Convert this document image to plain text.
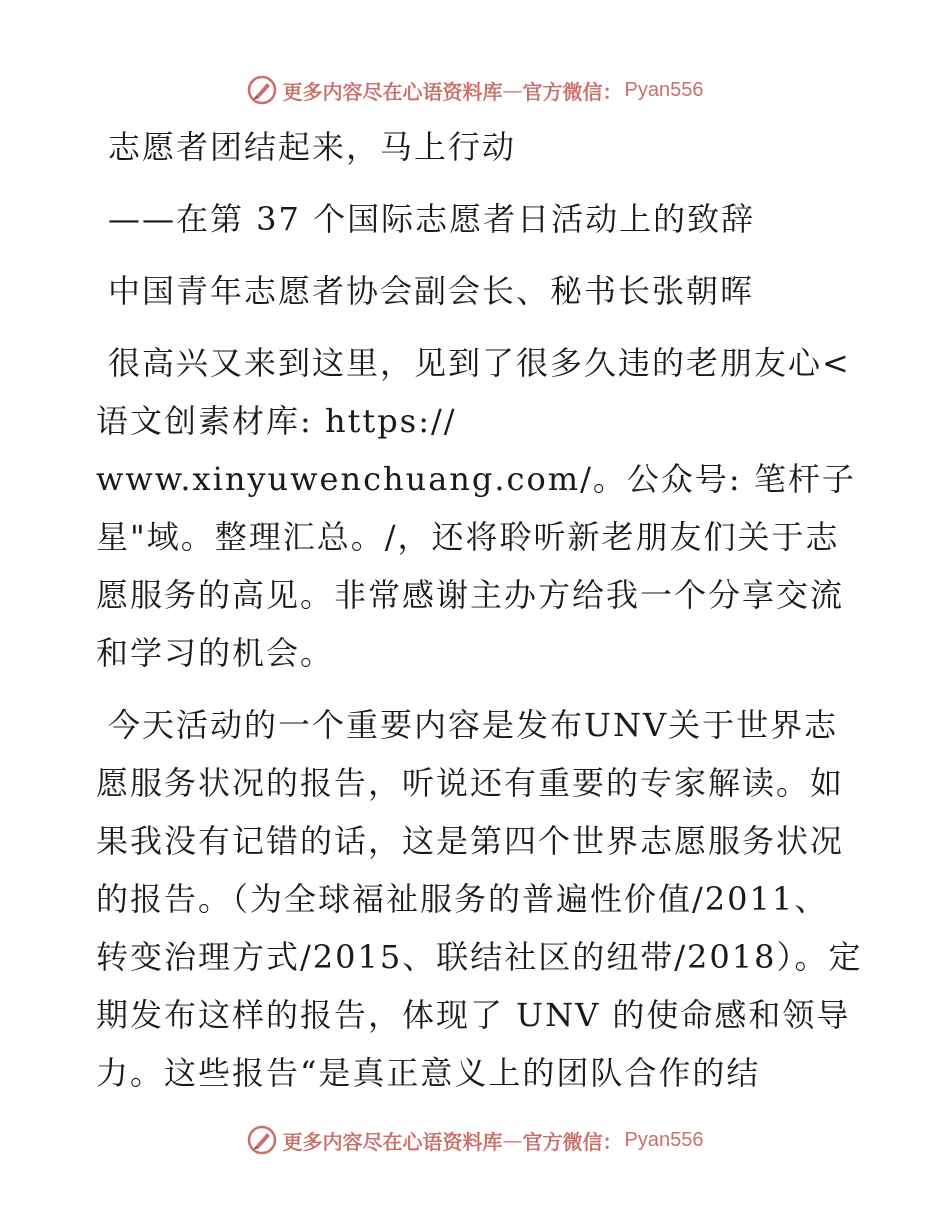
更多内容尽在心语资料库 — 官方微信： Pyan556
志愿者团结起来，马上行动
——在第 37 个国际志愿者日活动上的致辞
中国青年志愿者协会副会长、秘书长张朝晖
很高兴又来到这里，见到了很多久违的老朋友心<
语文创素材库: https://
www.xinyuwenchuang.com/。公众号: 笔杆子
星"域。整理汇总。/，还将聆听新老朋友们关于志
愿服务的高见。非常感谢主办方给我一个分享交流
和学习的机会。
今天活动的一个重要内容是发布UNV关于世界志
愿服务状况的报告，听说还有重要的专家解读。如
果我没有记错的话，这是第四个世界志愿服务状况
的报告。（为全球福祉服务的普遍性价值/2011、
转变治理方式/2015、联结社区的纽带/2018）。定
期发布这样的报告，体现了 UNV 的使命感和领导
力。这些报告“是真正意义上的团队合作的结
更多内容尽在心语资料库 — 官方微信： Pyan556
